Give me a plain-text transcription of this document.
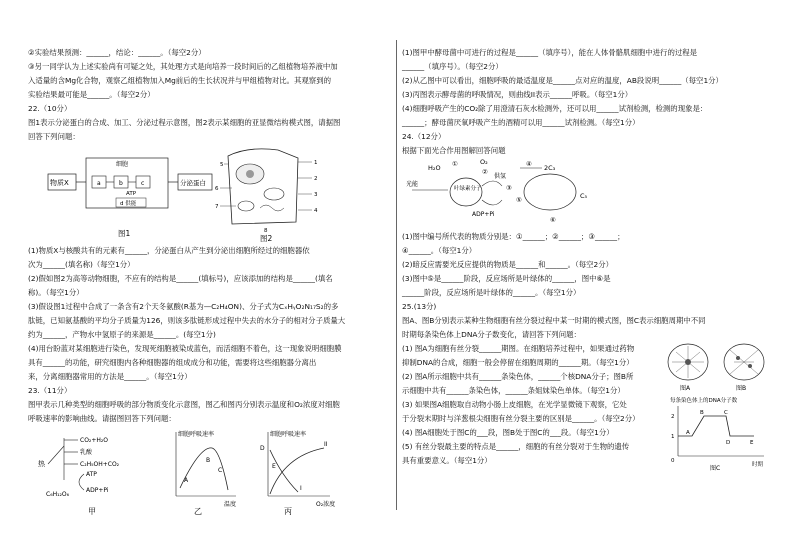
②实验结果预测：______，结论：______。（每空2分）

③另一同学认为上述实验尚有可疑之处，其处理方式是向培养一段时间后的乙组植物培养液中加

入适量的含Mg化合物，观察乙组植物加入Mg前后的生长状况并与甲组植物对比。其观察到的

实验结果最可能是______。（每空2分）

22.（10分）

图1表示分泌蛋白的合成、加工、分泌过程示意图，图2表示某细胞的亚显微结构模式图，请据图

回答下列问题：

物质X
细胞
a	b	c
ATP
d 供能
分泌蛋白
图1
1
2
3
4
5
6
7
8
图2

(1)物质X与核酸共有的元素有______，分泌蛋白从产生到分泌出细胞所经过的细胞器依

次为______(填名称)（每空1分）

(2)假如图2为高等动物细胞，不应有的结构是______(填标号)，应该添加的结构是______(填名

称)。（每空1分）

(3)假设图1过程中合成了一条含有2个天冬氨酸(R基为—C₂H₄ON)、分子式为CₓHᵧO₂N₁₇S₂的多

肽链，已知氨基酸的平均分子质量为126，则该多肽链形成过程中失去的水分子的相对分子质量大

约为______，产物水中氢原子的来源是______。(每空1分)

(4)用台盼蓝对某细胞进行染色，发现死细胞被染成蓝色，而活细胞不着色，这一现象说明细胞膜

具有______的功能，研究细胞内各种细胞器的组成成分和功能，需要将这些细胞器分离出

来，分离细胞器常用的方法是______。（每空1分）

23.（11分）

图甲表示几种类型的细胞呼吸的部分物质变化示意图，图乙和图丙分别表示温度和O₂浓度对细胞

呼吸速率的影响曲线。请据图回答下列问题：

热
CO₂+H₂O
乳酸
C₂H₅OH+CO₂
ATP
ADP+Pi
C₆H₁₂O₆
甲
细胞呼吸速率
A
B
C
温度
乙
细胞呼吸速率
D
E
I
II
O₂浓度
丙

(1)图甲中酵母菌中可进行的过程是______（填序号），能在人体骨骼肌细胞中进行的过程是

______（填序号）。（每空2分）

(2)从乙图中可以看出，细胞呼吸的最适温度是______点对应的温度，AB段说明______（每空1分）

(3)丙图表示酵母菌的呼吸情况，则曲线II表示______呼吸。（每空1分）

(4)细胞呼吸产生的CO₂除了用澄清石灰水检测外，还可以用______试剂检测，检测的现象是：

______；酵母菌厌氧呼吸产生的酒精可以用______试剂检测。（每空1分）

24.（12分）

根据下面光合作用图解回答问题

H₂O ①	O₂
②
供氢
叶绿素分子
光能	③
ADP+Pi
⑤
④ 2C₃
C₅
⑥

(1)图中编号所代表的物质分别是：①______；②______；③______；

④______。（每空1分）

(2)暗反应需要光反应提供的物质是______和______。（每空2分）

(3)图中⑤是______阶段，反应场所是叶绿体的______，图中⑥是

______阶段，反应场所是叶绿体的______。（每空1分）

25.(13分)

图A、图B分别表示某种生物细胞有丝分裂过程中某一时期的模式图，图C表示细胞周期中不同

时期每条染色体上DNA分子数变化，请回答下列问题：

(1) 图A为细胞有丝分裂______期图。在细胞培养过程中，如果通过药物

抑制DNA的合成，细胞一般会停留在细胞周期的______期。（每空1分）

(2) 图A所示细胞中共有______条染色体，______个核DNA分子；图B所

示细胞中共有______条染色体，______条姐妹染色单体。（每空1分）

(3) 如果图A细胞取自动物小肠上皮细胞，在光学显微镜下观察，它处

于分裂末期时与洋葱根尖细胞有丝分裂主要的区别是______。（每空2分）

(4) 图A细胞处于图C的___段，图B处于图C的___段。（每空1分）

(5) 有丝分裂最主要的特点是______，细胞的有丝分裂对于生物的遗传

具有重要意义。（每空1分）

图A	图B
每条染色体上的DNA分子数
2
1
0
A
B	C
D	E
时期
图C
